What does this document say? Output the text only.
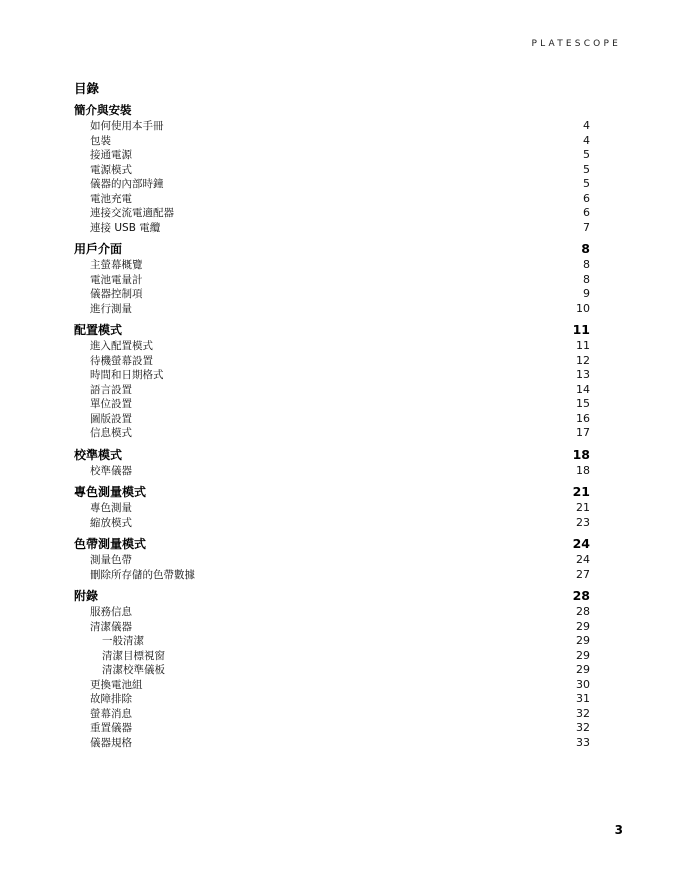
PLATESCOPE
目錄
簡介與安裝
如何使用本手冊	4
包裝	4
接通電源	5
電源模式	5
儀器的內部時鐘	5
電池充電	6
連接交流電適配器	6
連接 USB 電纜	7
用戶介面	8
主螢幕概覽	8
電池電量計	8
儀器控制項	9
進行測量	10
配置模式	11
進入配置模式	11
待機螢幕設置	12
時間和日期格式	13
語言設置	14
單位設置	15
圖版設置	16
信息模式	17
校準模式	18
校準儀器	18
專色測量模式	21
專色測量	21
縮放模式	23
色帶測量模式	24
測量色帶	24
刪除所存儲的色帶數據	27
附錄	28
服務信息	28
清潔儀器	29
一般清潔	29
清潔目標視窗	29
清潔校準儀板	29
更換電池組	30
故障排除	31
螢幕消息	32
重置儀器	32
儀器規格	33
3
